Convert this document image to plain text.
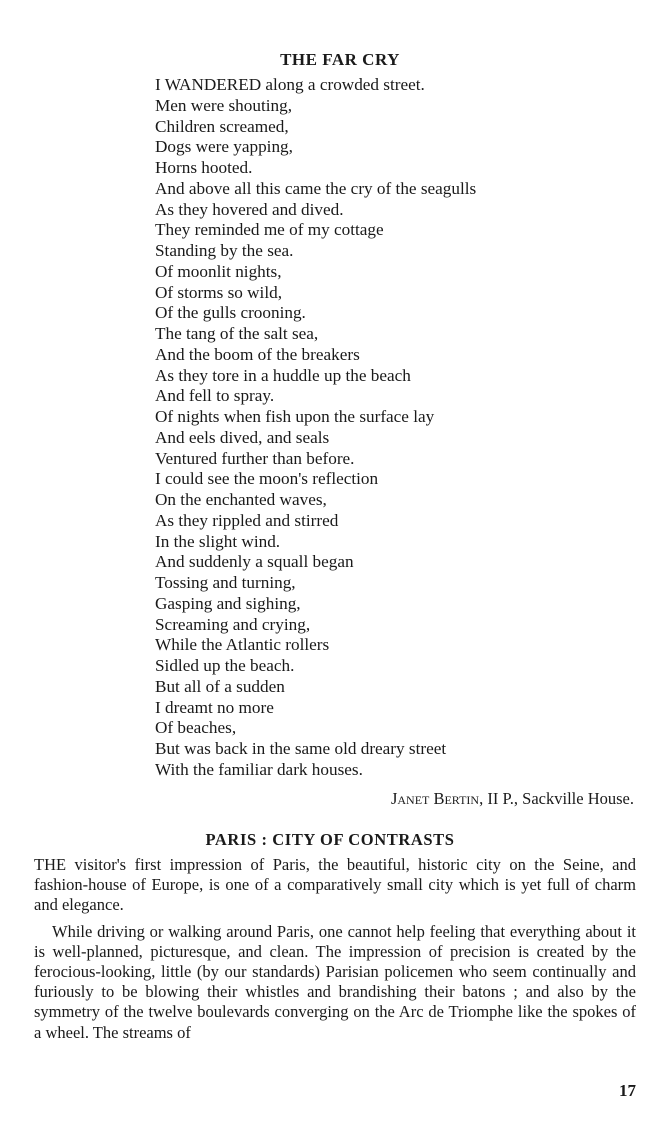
THE FAR CRY
I WANDERED along a crowded street.
Men were shouting,
Children screamed,
Dogs were yapping,
Horns hooted.
And above all this came the cry of the seagulls
As they hovered and dived.
They reminded me of my cottage
Standing by the sea.
Of moonlit nights,
Of storms so wild,
Of the gulls crooning.
The tang of the salt sea,
And the boom of the breakers
As they tore in a huddle up the beach
And fell to spray.
Of nights when fish upon the surface lay
And eels dived, and seals
Ventured further than before.
I could see the moon's reflection
On the enchanted waves,
As they rippled and stirred
In the slight wind.
And suddenly a squall began
Tossing and turning,
Gasping and sighing,
Screaming and crying,
While the Atlantic rollers
Sidled up the beach.
But all of a sudden
I dreamt no more
Of beaches,
But was back in the same old dreary street
With the familiar dark houses.
Janet Bertin, II P., Sackville House.
PARIS : CITY OF CONTRASTS

THE visitor's first impression of Paris, the beautiful, historic city on the Seine, and fashion-house of Europe, is one of a comparatively small city which is yet full of charm and elegance.

While driving or walking around Paris, one cannot help feeling that everything about it is well-planned, picturesque, and clean. The impression of precision is created by the ferocious-looking, little (by our standards) Parisian policemen who seem continually and furiously to be blowing their whistles and brandishing their batons ; and also by the symmetry of the twelve boulevards converging on the Arc de Triomphe like the spokes of a wheel. The streams of

17
